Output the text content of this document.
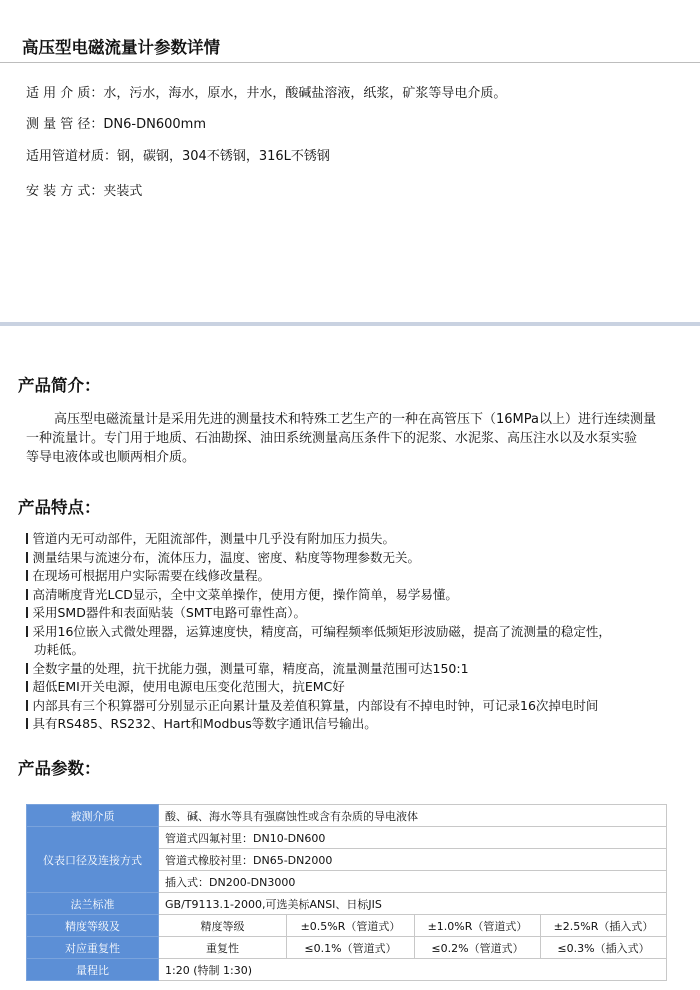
高压型电磁流量计参数详情
适 用 介 质：水，污水，海水，原水，井水，酸碱盐溶液，纸浆，矿浆等导电介质。
测 量 管 径：DN6-DN600mm
适用管道材质：钢，碳钢，304不锈钢，316L不锈钢
安 装 方 式：夹装式
产品简介：
高压型电磁流量计是采用先进的测量技术和特殊工艺生产的一种在高管压下（16MPa以上）进行连续测量
一种流量计。专门用于地质、石油勘探、油田系统测量高压条件下的泥浆、水泥浆、高压注水以及水泵实验
等导电液体或也顺两相介质。
产品特点：
管道内无可动部件，无阻流部件，测量中几乎没有附加压力损失。
测量结果与流速分布，流体压力，温度、密度、粘度等物理参数无关。
在现场可根据用户实际需要在线修改量程。
高清晰度背光LCD显示，全中文菜单操作，使用方便，操作简单，易学易懂。
采用SMD器件和表面贴装（SMT电路可靠性高）。
采用16位嵌入式微处理器，运算速度快，精度高，可编程频率低频矩形波励磁，提高了流测量的稳定性，
功耗低。
全数字量的处理，抗干扰能力强，测量可靠，精度高，流量测量范围可达150:1
超低EMI开关电源，使用电源电压变化范围大，抗EMC好
内部具有三个积算器可分别显示正向累计量及差值积算量，内部设有不掉电时钟，可记录16次掉电时间
具有RS485、RS232、Hart和Modbus等数字通讯信号输出。
产品参数：
被测介质	酸、碱、海水等具有强腐蚀性或含有杂质的导电液体			
仪表口径及连接方式	管道式四氟衬里：DN10-DN600			
	管道式橡胶衬里：DN65-DN2000			
	插入式：DN200-DN3000			
法兰标准	GB/T9113.1-2000,可选美标ANSI、日标JIS			
精度等级及	精度等级	±0.5%R（管道式）	±1.0%R（管道式）	±2.5%R（插入式）
对应重复性	重复性	≤0.1%（管道式）	≤0.2%（管道式）	≤0.3%（插入式）
量程比	1:20 (特制 1:30)			
